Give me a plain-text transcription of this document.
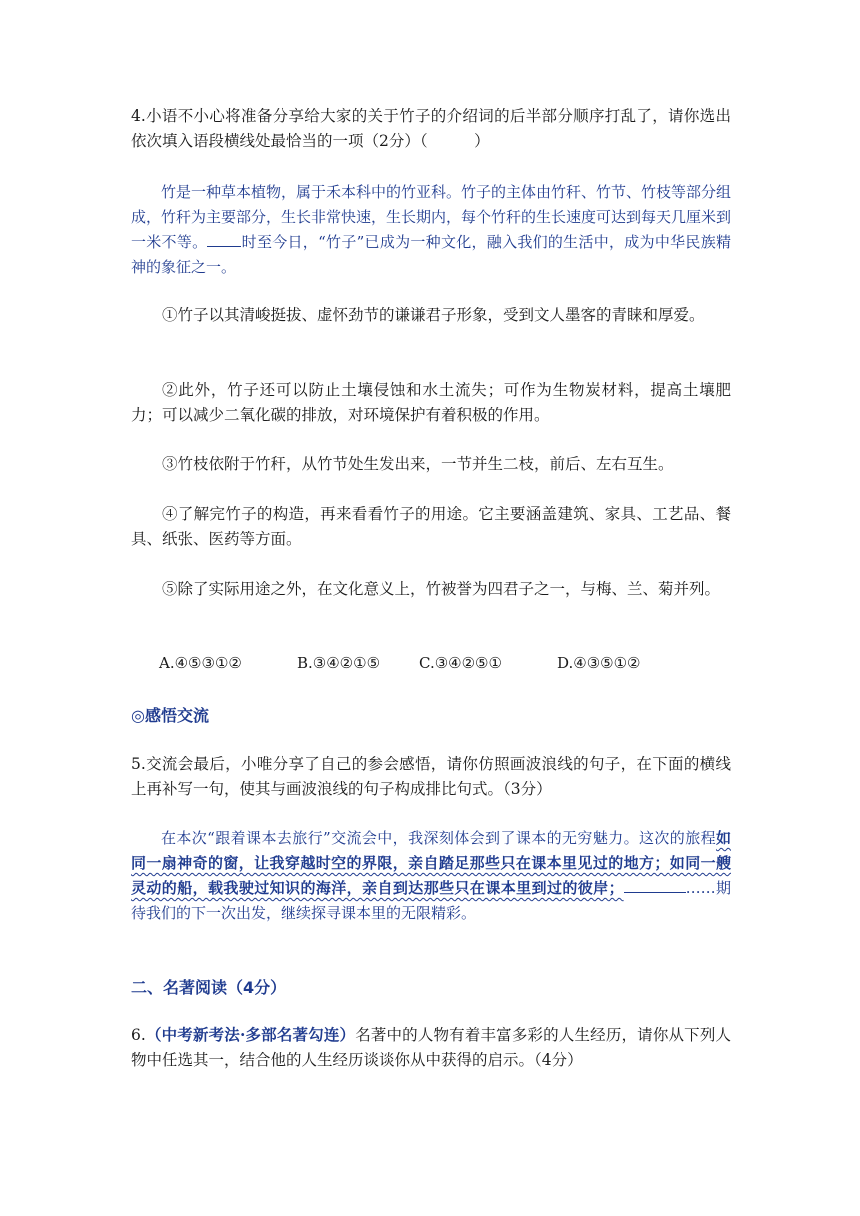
4.小语不小心将准备分享给大家的关于竹子的介绍词的后半部分顺序打乱了，请你选出依次填入语段横线处最恰当的一项（2分）（　　　）
竹是一种草本植物，属于禾本科中的竹亚科。竹子的主体由竹秆、竹节、竹枝等部分组成，竹秆为主要部分，生长非常快速，生长期内，每个竹秆的生长速度可达到每天几厘米到一米不等。 时至今日，“竹子”已成为一种文化，融入我们的生活中，成为中华民族精神的象征之一。
①竹子以其清峻挺拔、虚怀劲节的谦谦君子形象，受到文人墨客的青睐和厚爱。
②此外，竹子还可以防止土壤侵蚀和水土流失；可作为生物炭材料，提高土壤肥力；可以减少二氧化碳的排放，对环境保护有着积极的作用。
③竹枝依附于竹秆，从竹节处生发出来，一节并生二枝，前后、左右互生。
④了解完竹子的构造，再来看看竹子的用途。它主要涵盖建筑、家具、工艺品、餐具、纸张、医药等方面。
⑤除了实际用途之外，在文化意义上，竹被誉为四君子之一，与梅、兰、菊并列。
A.④⑤③①②	B.③④②①⑤	C.③④②⑤①	D.④③⑤①②
◎感悟交流
5.交流会最后，小唯分享了自己的参会感悟，请你仿照画波浪线的句子，在下面的横线上再补写一句，使其与画波浪线的句子构成排比句式。（3分）
在本次“跟着课本去旅行”交流会中，我深刻体会到了课本的无穷魅力。这次的旅程如同一扇神奇的窗，让我穿越时空的界限，亲自踏足那些只在课本里见过的地方；如同一艘灵动的船，载我驶过知识的海洋，亲自到达那些只在课本里到过的彼岸；	……期待我们的下一次出发，继续探寻课本里的无限精彩。
二、名著阅读（4分）
6.（中考新考法·多部名著勾连）名著中的人物有着丰富多彩的人生经历，请你从下列人物中任选其一，结合他的人生经历谈谈你从中获得的启示。（4分）
